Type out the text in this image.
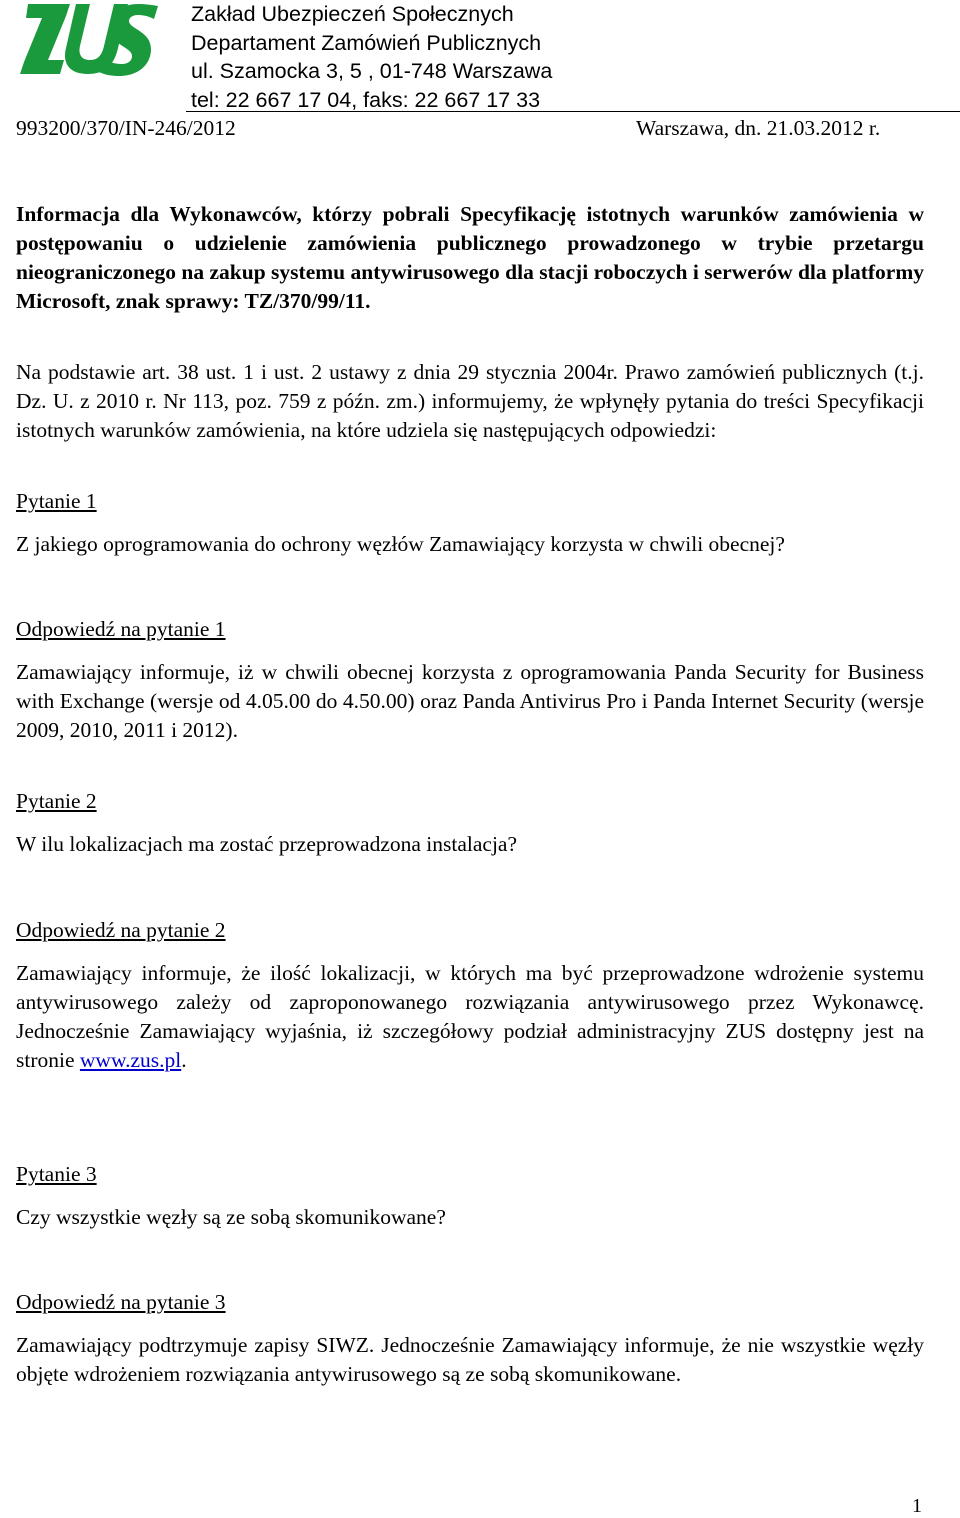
Zakład Ubezpieczeń Społecznych
Departament Zamówień Publicznych
ul. Szamocka 3, 5 , 01-748 Warszawa
tel: 22 667 17 04, faks: 22 667 17 33
993200/370/IN-246/2012	Warszawa, dn. 21.03.2012 r.

Informacja dla Wykonawców, którzy pobrali Specyfikację istotnych warunków zamówienia w postępowaniu o udzielenie zamówienia publicznego prowadzonego w trybie przetargu nieograniczonego na zakup systemu antywirusowego dla stacji roboczych i serwerów dla platformy Microsoft, znak sprawy: TZ/370/99/11.

Na podstawie art. 38 ust. 1 i ust. 2 ustawy z dnia 29 stycznia 2004r. Prawo zamówień publicznych (t.j. Dz. U. z 2010 r. Nr 113, poz. 759 z późn. zm.) informujemy, że wpłynęły pytania do treści Specyfikacji istotnych warunków zamówienia, na które udziela się następujących odpowiedzi:

Pytanie 1

Z jakiego oprogramowania do ochrony węzłów Zamawiający korzysta w chwili obecnej?

Odpowiedź na pytanie 1

Zamawiający informuje, iż w chwili obecnej korzysta z oprogramowania Panda Security for Business with Exchange (wersje od 4.05.00 do 4.50.00) oraz Panda Antivirus Pro i Panda Internet Security (wersje 2009, 2010, 2011 i 2012).

Pytanie 2

W ilu lokalizacjach ma zostać przeprowadzona instalacja?

Odpowiedź na pytanie 2

Zamawiający informuje, że ilość lokalizacji, w których ma być przeprowadzone wdrożenie systemu antywirusowego zależy od zaproponowanego rozwiązania antywirusowego przez Wykonawcę. Jednocześnie Zamawiający wyjaśnia, iż szczegółowy podział administracyjny ZUS dostępny jest na stronie www.zus.pl.

Pytanie 3

Czy wszystkie węzły są ze sobą skomunikowane?

Odpowiedź na pytanie 3

Zamawiający podtrzymuje zapisy SIWZ. Jednocześnie Zamawiający informuje, że nie wszystkie węzły objęte wdrożeniem rozwiązania antywirusowego są ze sobą skomunikowane.

1
